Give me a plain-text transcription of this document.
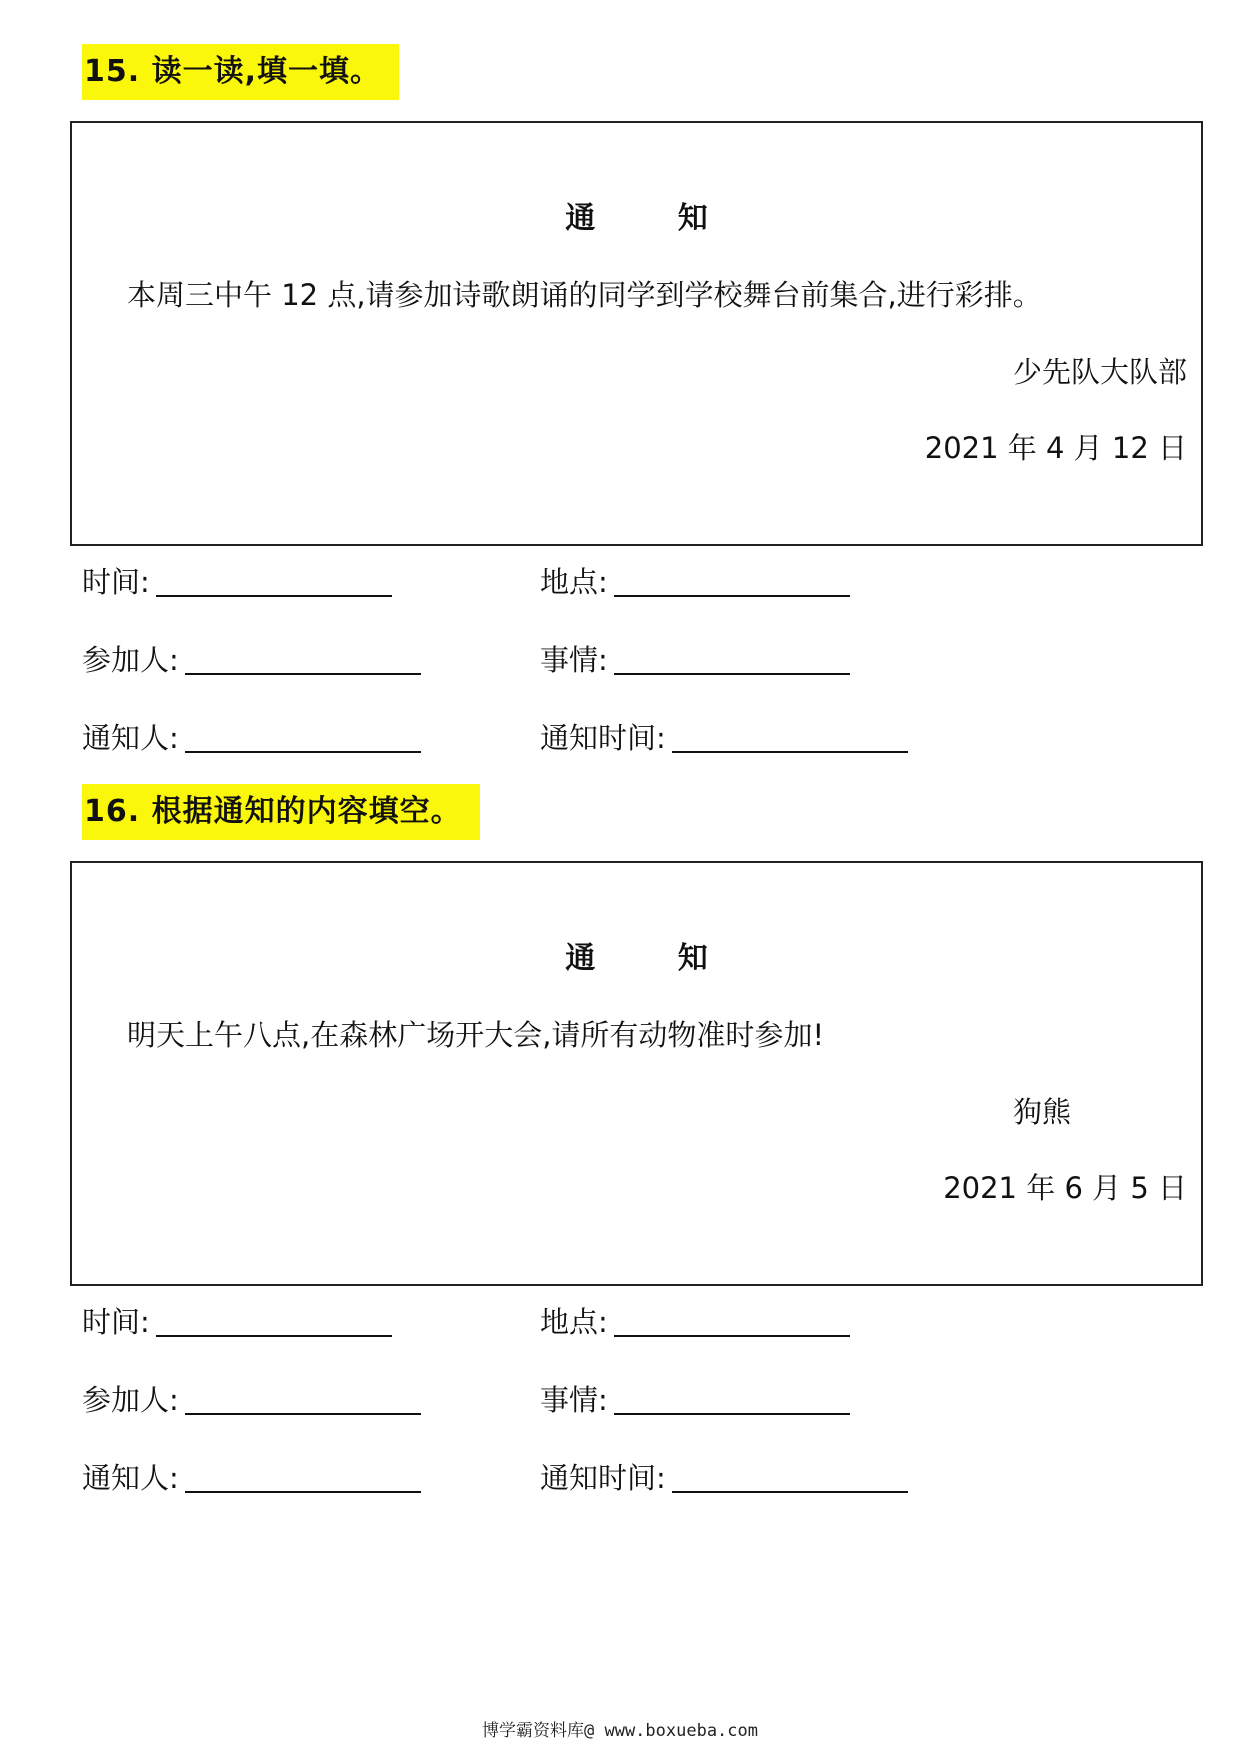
15. 读一读,填一填。
通 知
本周三中午 12 点,请参加诗歌朗诵的同学到学校舞台前集合,进行彩排。
少先队大队部
2021 年 4 月 12 日
时间:	地点:
参加人:	事情:
通知人:	通知时间:
16. 根据通知的内容填空。
通 知
明天上午八点,在森林广场开大会,请所有动物准时参加!
狗熊
2021 年 6 月 5 日
时间:	地点:
参加人:	事情:
通知人:	通知时间:
博学霸资料库@ www.boxueba.com
